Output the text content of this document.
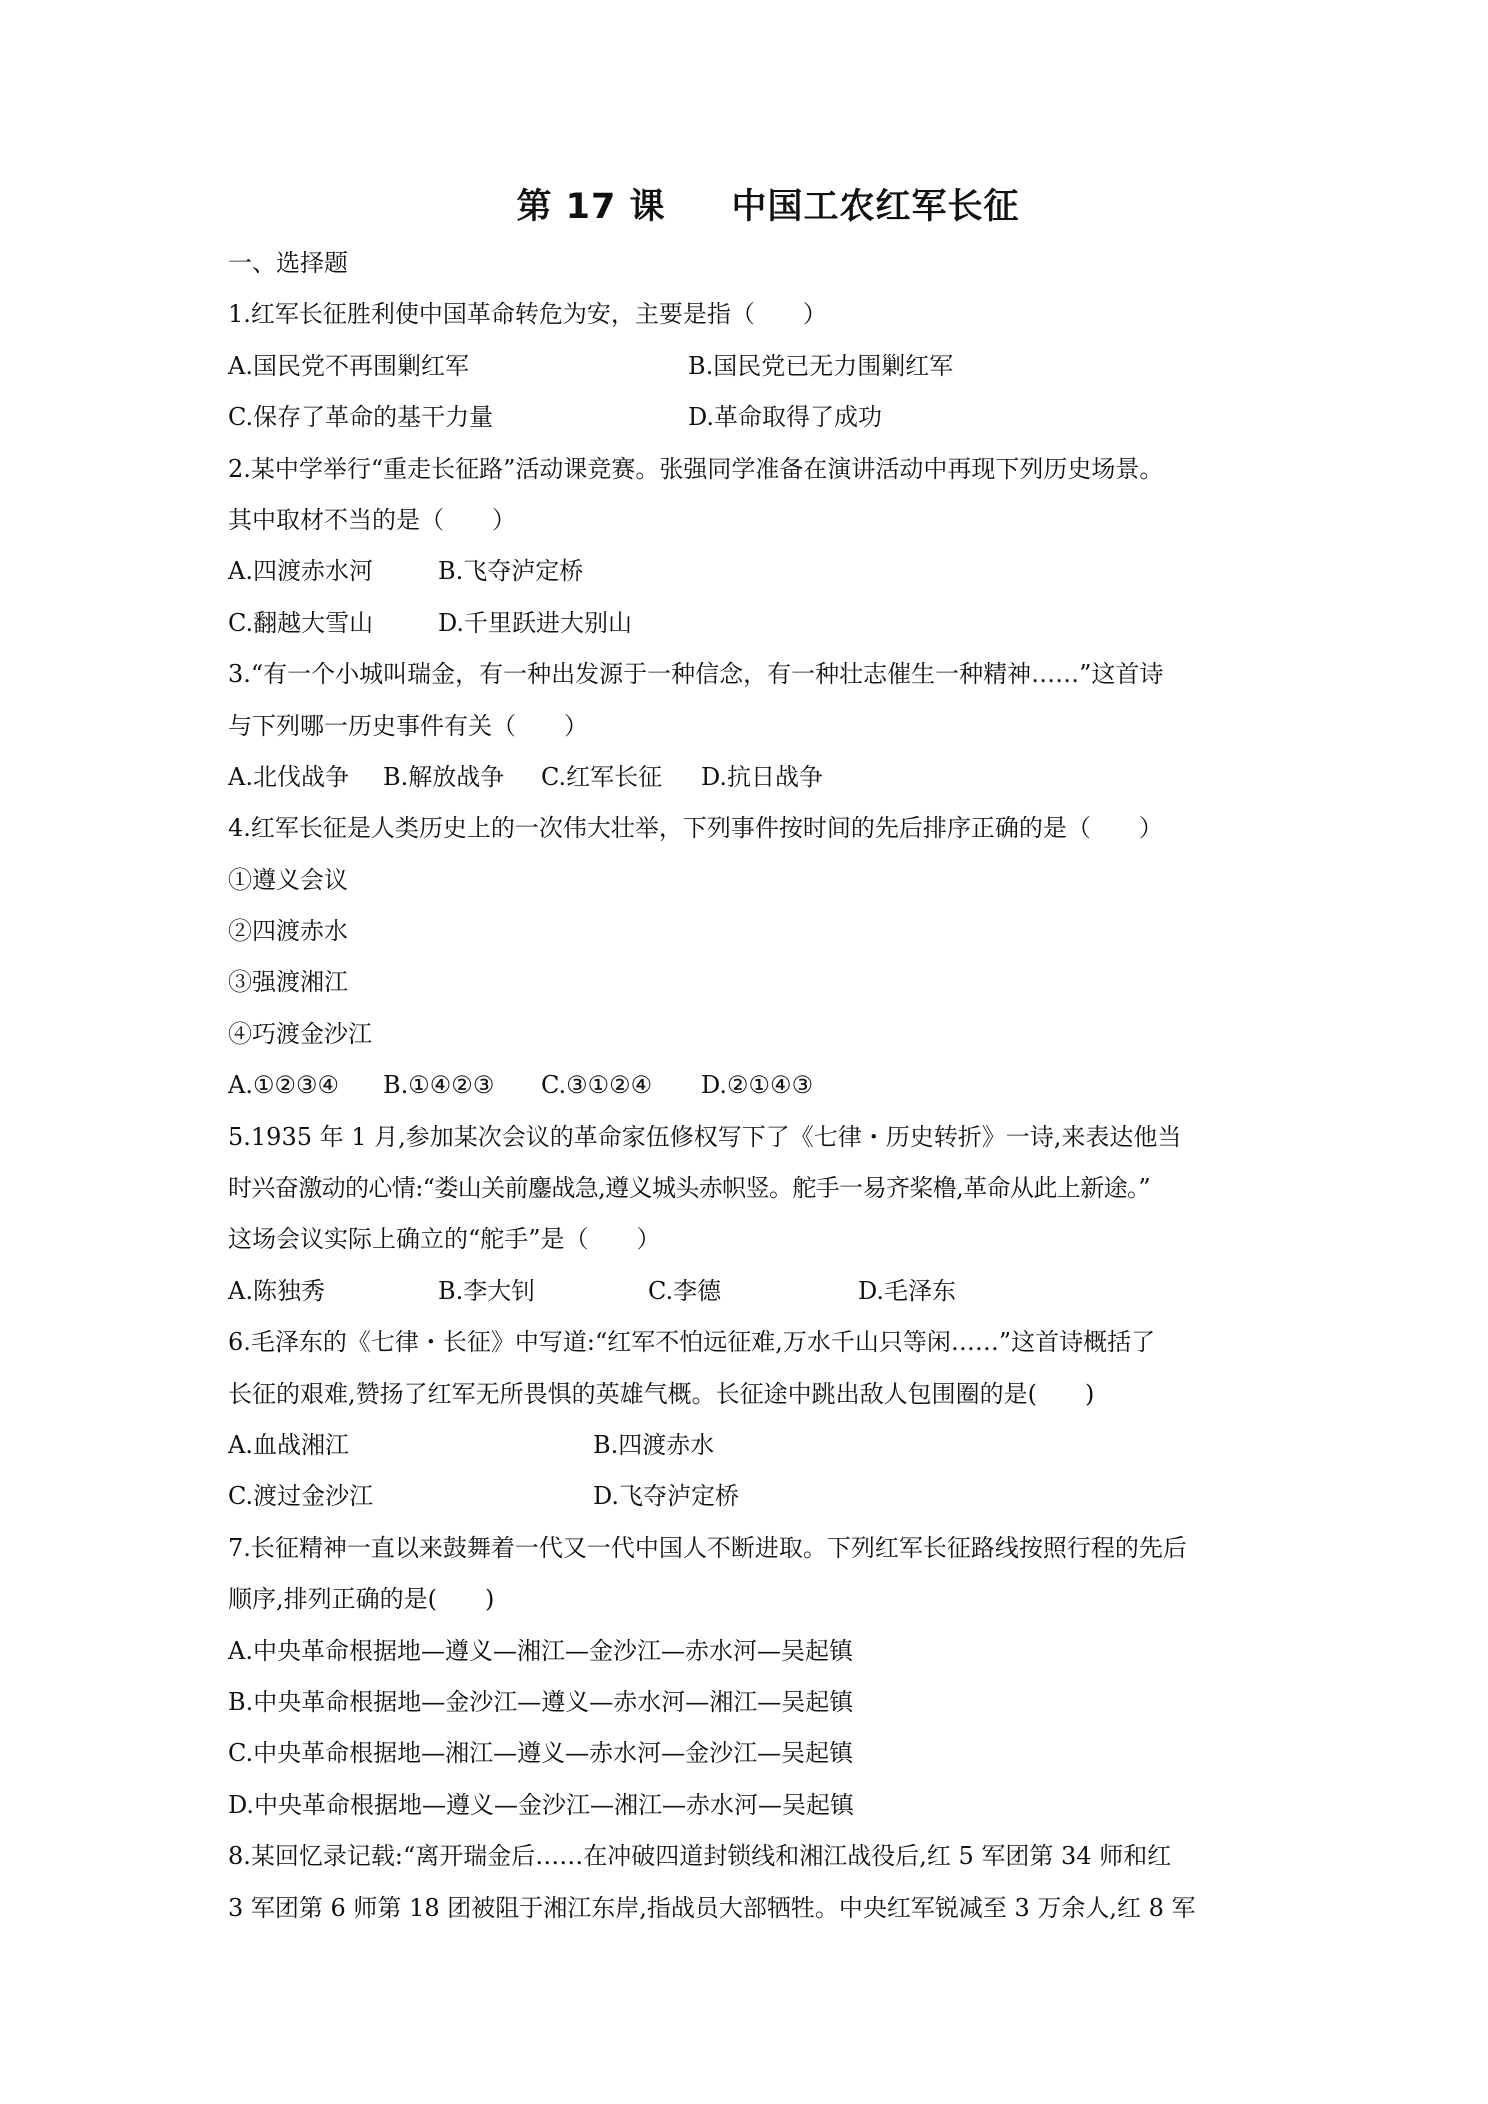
第 17 课     中国工农红军长征
一、选择题
1.红军长征胜利使中国革命转危为安，主要是指（　　）
A.国民党不再围剿红军	B.国民党已无力围剿红军
C.保存了革命的基干力量	D.革命取得了成功
2.某中学举行“重走长征路”活动课竞赛。张强同学准备在演讲活动中再现下列历史场景。
其中取材不当的是（　　）
A.四渡赤水河	B.飞夺泸定桥
C.翻越大雪山	D.千里跃进大别山
3.“有一个小城叫瑞金，有一种出发源于一种信念，有一种壮志催生一种精神……”这首诗
与下列哪一历史事件有关（　　）
A.北伐战争	B.解放战争	C.红军长征	D.抗日战争
4.红军长征是人类历史上的一次伟大壮举，下列事件按时间的先后排序正确的是（　　）
①遵义会议
②四渡赤水
③强渡湘江
④巧渡金沙江
A.①②③④	B.①④②③	C.③①②④	D.②①④③
5.1935 年 1 月,参加某次会议的革命家伍修权写下了《七律・历史转折》一诗,来表达他当
时兴奋激动的心情:“娄山关前鏖战急,遵义城头赤帜竖。舵手一易齐桨橹,革命从此上新途。”
这场会议实际上确立的“舵手”是（　　）
A.陈独秀	B.李大钊	C.李德	D.毛泽东
6.毛泽东的《七律・长征》中写道:“红军不怕远征难,万水千山只等闲……”这首诗概括了
长征的艰难,赞扬了红军无所畏惧的英雄气概。长征途中跳出敌人包围圈的是(　　)
A.血战湘江	B.四渡赤水
C.渡过金沙江	D.飞夺泸定桥
7.长征精神一直以来鼓舞着一代又一代中国人不断进取。下列红军长征路线按照行程的先后
顺序,排列正确的是(　　)
A.中央革命根据地—遵义—湘江—金沙江—赤水河—吴起镇
B.中央革命根据地—金沙江—遵义—赤水河—湘江—吴起镇
C.中央革命根据地—湘江—遵义—赤水河—金沙江—吴起镇
D.中央革命根据地—遵义—金沙江—湘江—赤水河—吴起镇
8.某回忆录记载:“离开瑞金后……在冲破四道封锁线和湘江战役后,红 5 军团第 34 师和红
3 军团第 6 师第 18 团被阻于湘江东岸,指战员大部牺牲。中央红军锐减至 3 万余人,红 8 军
